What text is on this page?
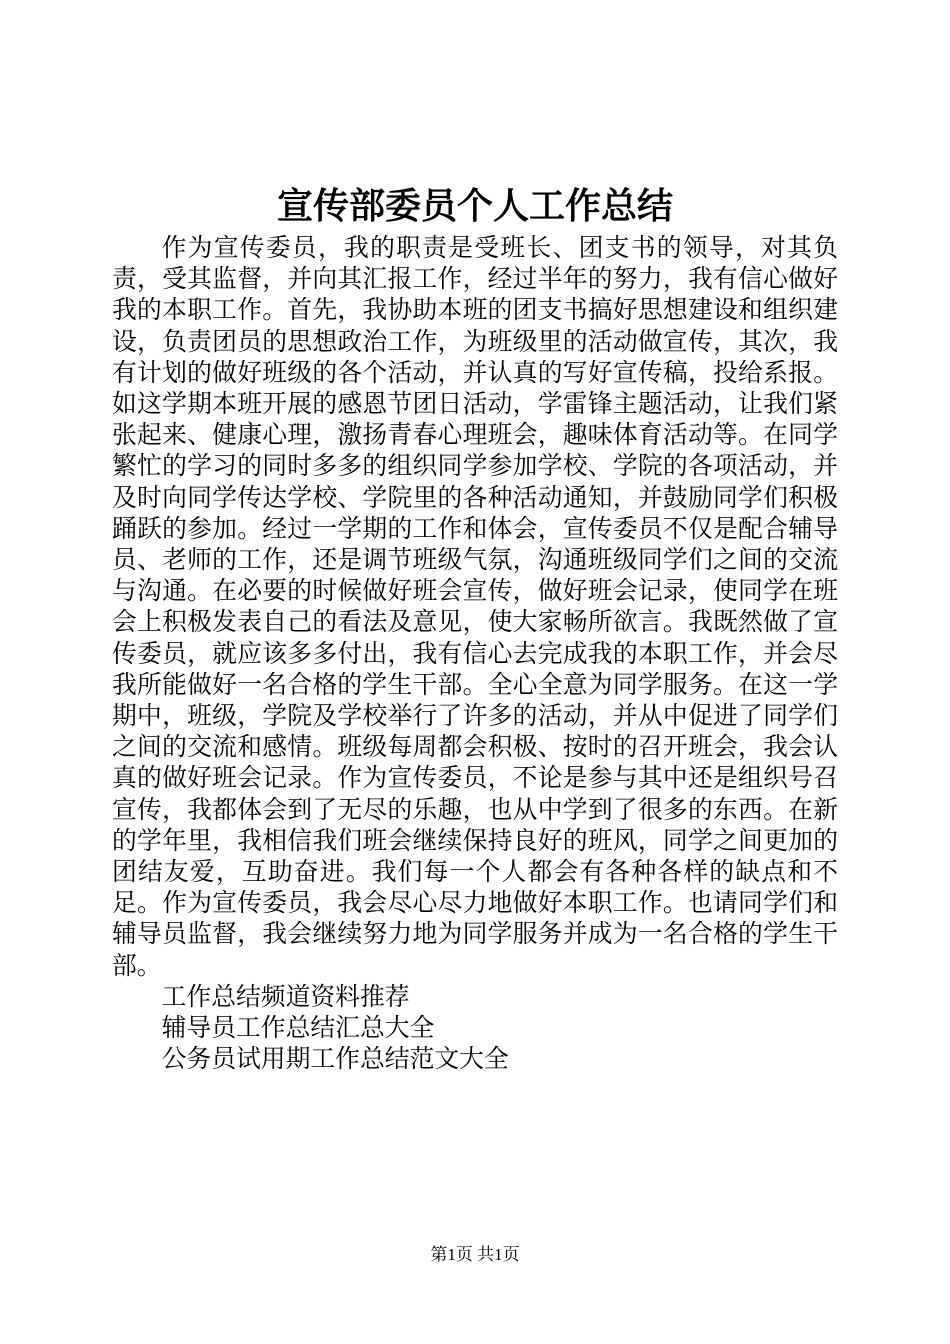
宣传部委员个人工作总结

作为宣传委员，我的职责是受班长、团支书的领导，对其负责，受其监督，并向其汇报工作，经过半年的努力，我有信心做好我的本职工作。首先，我协助本班的团支书搞好思想建设和组织建设，负责团员的思想政治工作，为班级里的活动做宣传，其次，我有计划的做好班级的各个活动，并认真的写好宣传稿，投给系报。如这学期本班开展的感恩节团日活动，学雷锋主题活动，让我们紧张起来、健康心理，激扬青春心理班会，趣味体育活动等。在同学繁忙的学习的同时多多的组织同学参加学校、学院的各项活动，并及时向同学传达学校、学院里的各种活动通知，并鼓励同学们积极踊跃的参加。经过一学期的工作和体会，宣传委员不仅是配合辅导员、老师的工作，还是调节班级气氛，沟通班级同学们之间的交流与沟通。在必要的时候做好班会宣传，做好班会记录，使同学在班会上积极发表自己的看法及意见，使大家畅所欲言。我既然做了宣传委员，就应该多多付出，我有信心去完成我的本职工作，并会尽我所能做好一名合格的学生干部。全心全意为同学服务。在这一学期中，班级，学院及学校举行了许多的活动，并从中促进了同学们之间的交流和感情。班级每周都会积极、按时的召开班会，我会认真的做好班会记录。作为宣传委员，不论是参与其中还是组织号召宣传，我都体会到了无尽的乐趣，也从中学到了很多的东西。在新的学年里，我相信我们班会继续保持良好的班风，同学之间更加的团结友爱，互助奋进。我们每一个人都会有各种各样的缺点和不足。作为宣传委员，我会尽心尽力地做好本职工作。也请同学们和辅导员监督，我会继续努力地为同学服务并成为一名合格的学生干部。

工作总结频道资料推荐

辅导员工作总结汇总大全

公务员试用期工作总结范文大全

第1页 共1页
